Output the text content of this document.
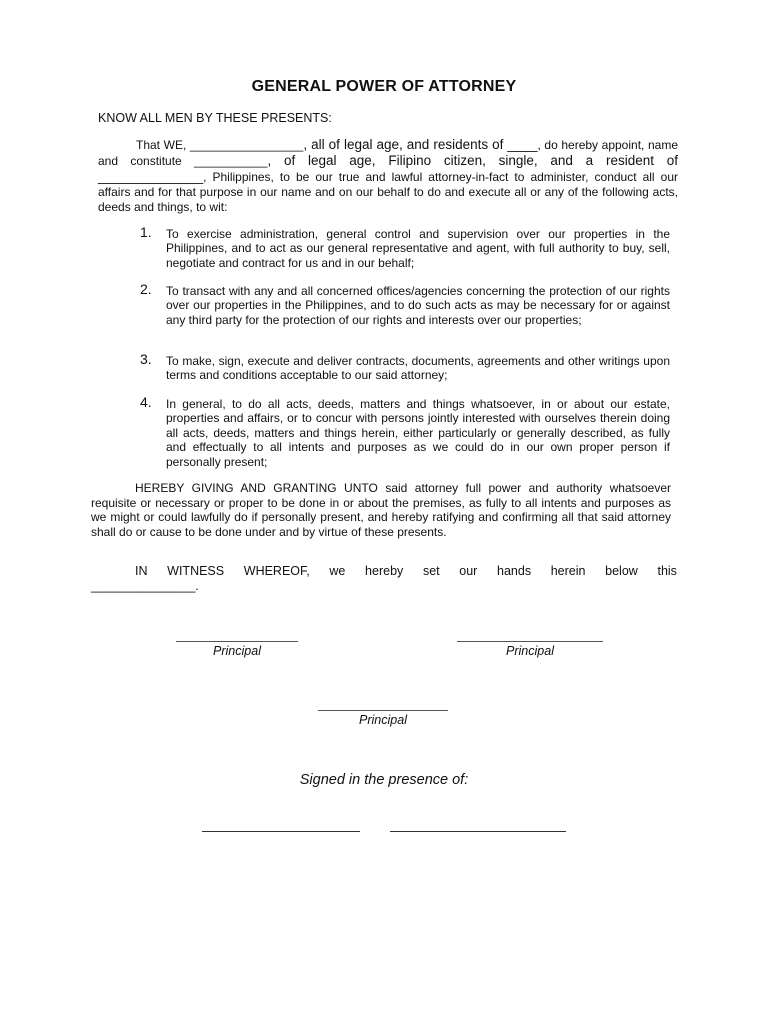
GENERAL POWER OF ATTORNEY
KNOW ALL MEN BY THESE PRESENTS:
That WE, _________________, all of legal age, and residents of ____, do hereby appoint, name and constitute ___________, of legal age, Filipino citizen, single, and a resident of ______________, Philippines, to be our true and lawful attorney-in-fact to administer, conduct all our affairs and for that purpose in our name and on our behalf to do and execute all or any of the following acts, deeds and things, to wit:
1. To exercise administration, general control and supervision over our properties in the Philippines, and to act as our general representative and agent, with full authority to buy, sell, negotiate and contract for us and in our behalf;
2. To transact with any and all concerned offices/agencies concerning the protection of our rights over our properties in the Philippines, and to do such acts as may be necessary for or against any third party for the protection of our rights and interests over our properties;
3. To make, sign, execute and deliver contracts, documents, agreements and other writings upon terms and conditions acceptable to our said attorney;
4. In general, to do all acts, deeds, matters and things whatsoever, in or about our estate, properties and affairs, or to concur with persons jointly interested with ourselves therein doing all acts, deeds, matters and things herein, either particularly or generally described, as fully and effectually to all intents and purposes as we could do in our own proper person if personally present;
HEREBY GIVING AND GRANTING UNTO said attorney full power and authority whatsoever requisite or necessary or proper to be done in or about the premises, as fully to all intents and purposes as we might or could lawfully do if personally present, and hereby ratifying and confirming all that said attorney shall do or cause to be done under and by virtue of these presents.
IN WITNESS WHEREOF, we hereby set our hands herein below this
_______________.
Principal	Principal
Principal
Signed in the presence of:
